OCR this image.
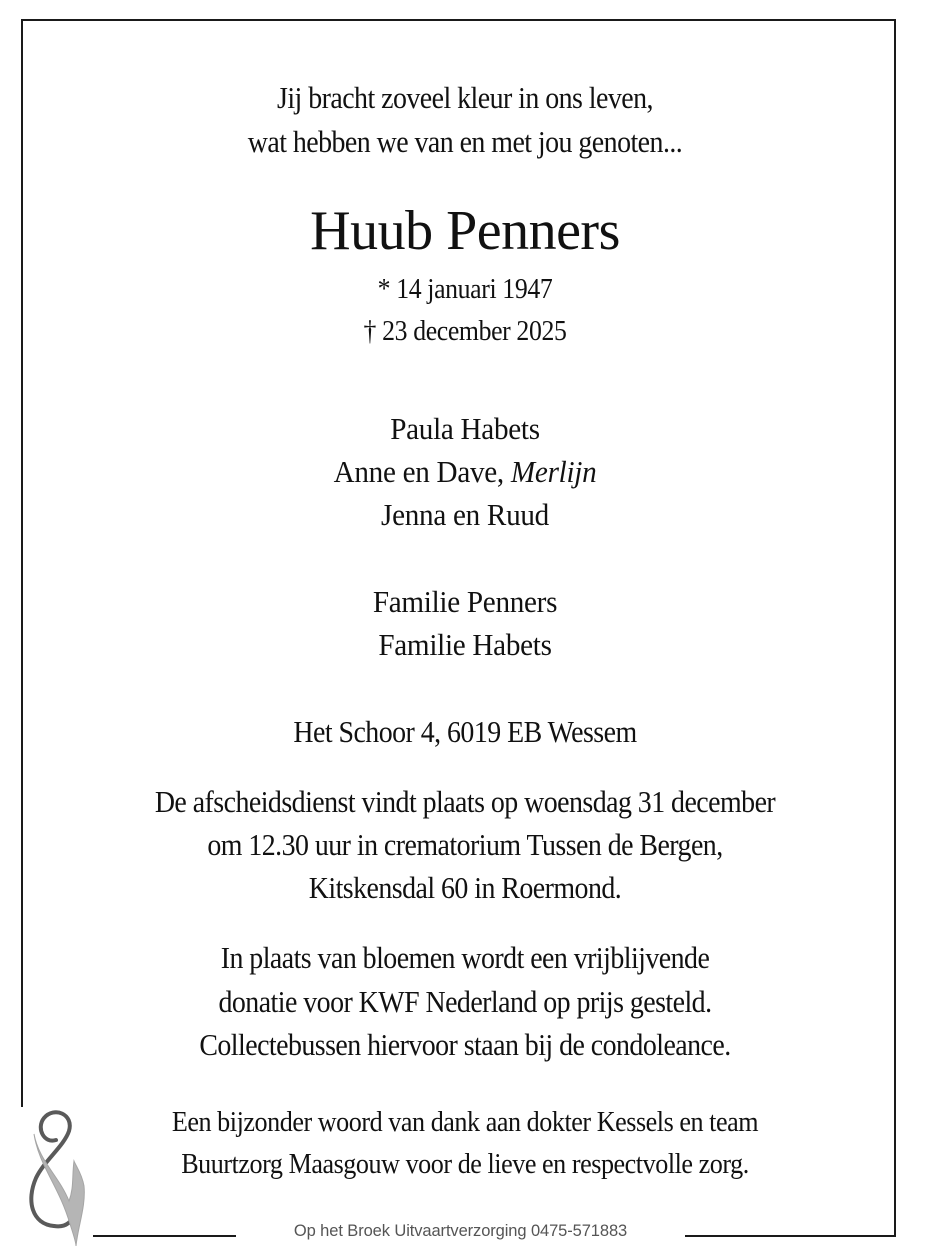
Jij bracht zoveel kleur in ons leven,
wat hebben we van en met jou genoten...
Huub Penners
* 14 januari 1947
† 23 december 2025
Paula Habets
Anne en Dave, Merlijn
Jenna en Ruud
Familie Penners
Familie Habets
Het Schoor 4, 6019 EB Wessem
De afscheidsdienst vindt plaats op woensdag 31 december
om 12.30 uur in crematorium Tussen de Bergen,
Kitskensdal 60 in Roermond.
In plaats van bloemen wordt een vrijblijvende
donatie voor KWF Nederland op prijs gesteld.
Collectebussen hiervoor staan bij de condoleance.
Een bijzonder woord van dank aan dokter Kessels en team
Buurtzorg Maasgouw voor de lieve en respectvolle zorg.
Op het Broek Uitvaartverzorging 0475-571883
